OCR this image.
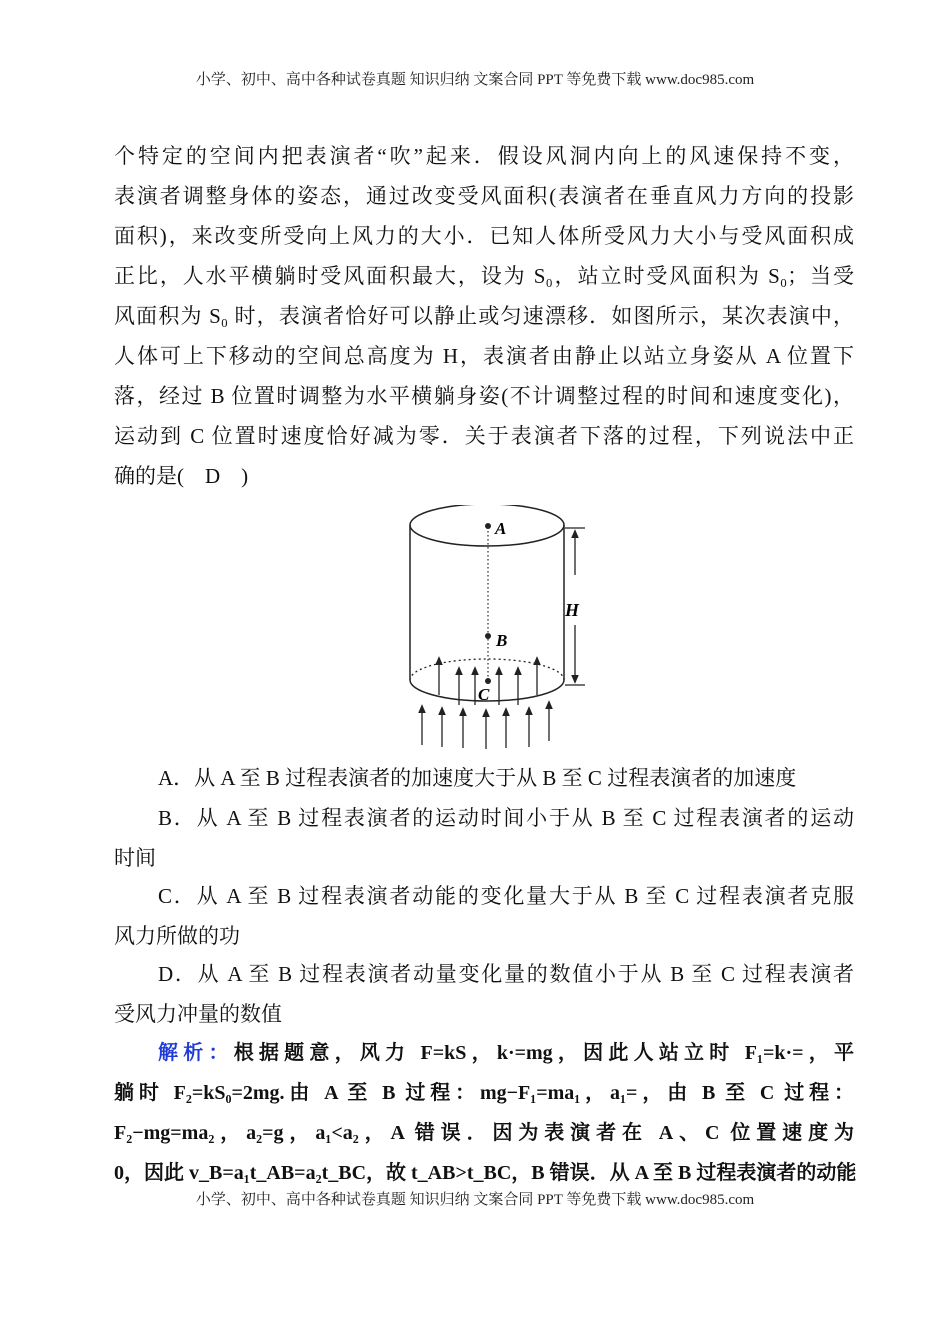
小学、初中、高中各种试卷真题 知识归纳 文案合同 PPT 等免费下载 www.doc985.com
个特定的空间内把表演者“吹”起来．假设风洞内向上的风速保持不变，
表演者调整身体的姿态，通过改变受风面积(表演者在垂直风力方向的投影
面积)，来改变所受向上风力的大小．已知人体所受风力大小与受风面积成
正比，人水平横躺时受风面积最大，设为 S₀，站立时受风面积为 S₀；当受
风面积为 S₀ 时，表演者恰好可以静止或匀速漂移．如图所示，某次表演中，
人体可上下移动的空间总高度为 H，表演者由静止以站立身姿从 A 位置下
落，经过 B 位置时调整为水平横躺身姿(不计调整过程的时间和速度变化)，
运动到 C 位置时速度恰好减为零．关于表演者下落的过程，下列说法中正
确的是(　D　)
A
B
C
H
A．从 A 至 B 过程表演者的加速度大于从 B 至 C 过程表演者的加速度
B．从 A 至 B 过程表演者的运动时间小于从 B 至 C 过程表演者的运动
时间
C．从 A 至 B 过程表演者动能的变化量大于从 B 至 C 过程表演者克服
风力所做的功
D．从 A 至 B 过程表演者动量变化量的数值小于从 B 至 C 过程表演者
受风力冲量的数值
解析：根据题意，风力 F=kS，k·=mg，因此人站立时 F₁=k·=，平
躺时 F₂=kS₀=2mg.由 A 至 B 过程：mg−F₁=ma₁，a₁=，由 B 至 C 过程：
F₂−mg=ma₂，a₂=g，a₁<a₂，A 错误．因为表演者在 A、C 位置速度为
0，因此 v_B=a₁t_AB=a₂t_BC，故 t_AB>t_BC，B 错误．从 A 至 B 过程表演者的动能
小学、初中、高中各种试卷真题 知识归纳 文案合同 PPT 等免费下载 www.doc985.com
